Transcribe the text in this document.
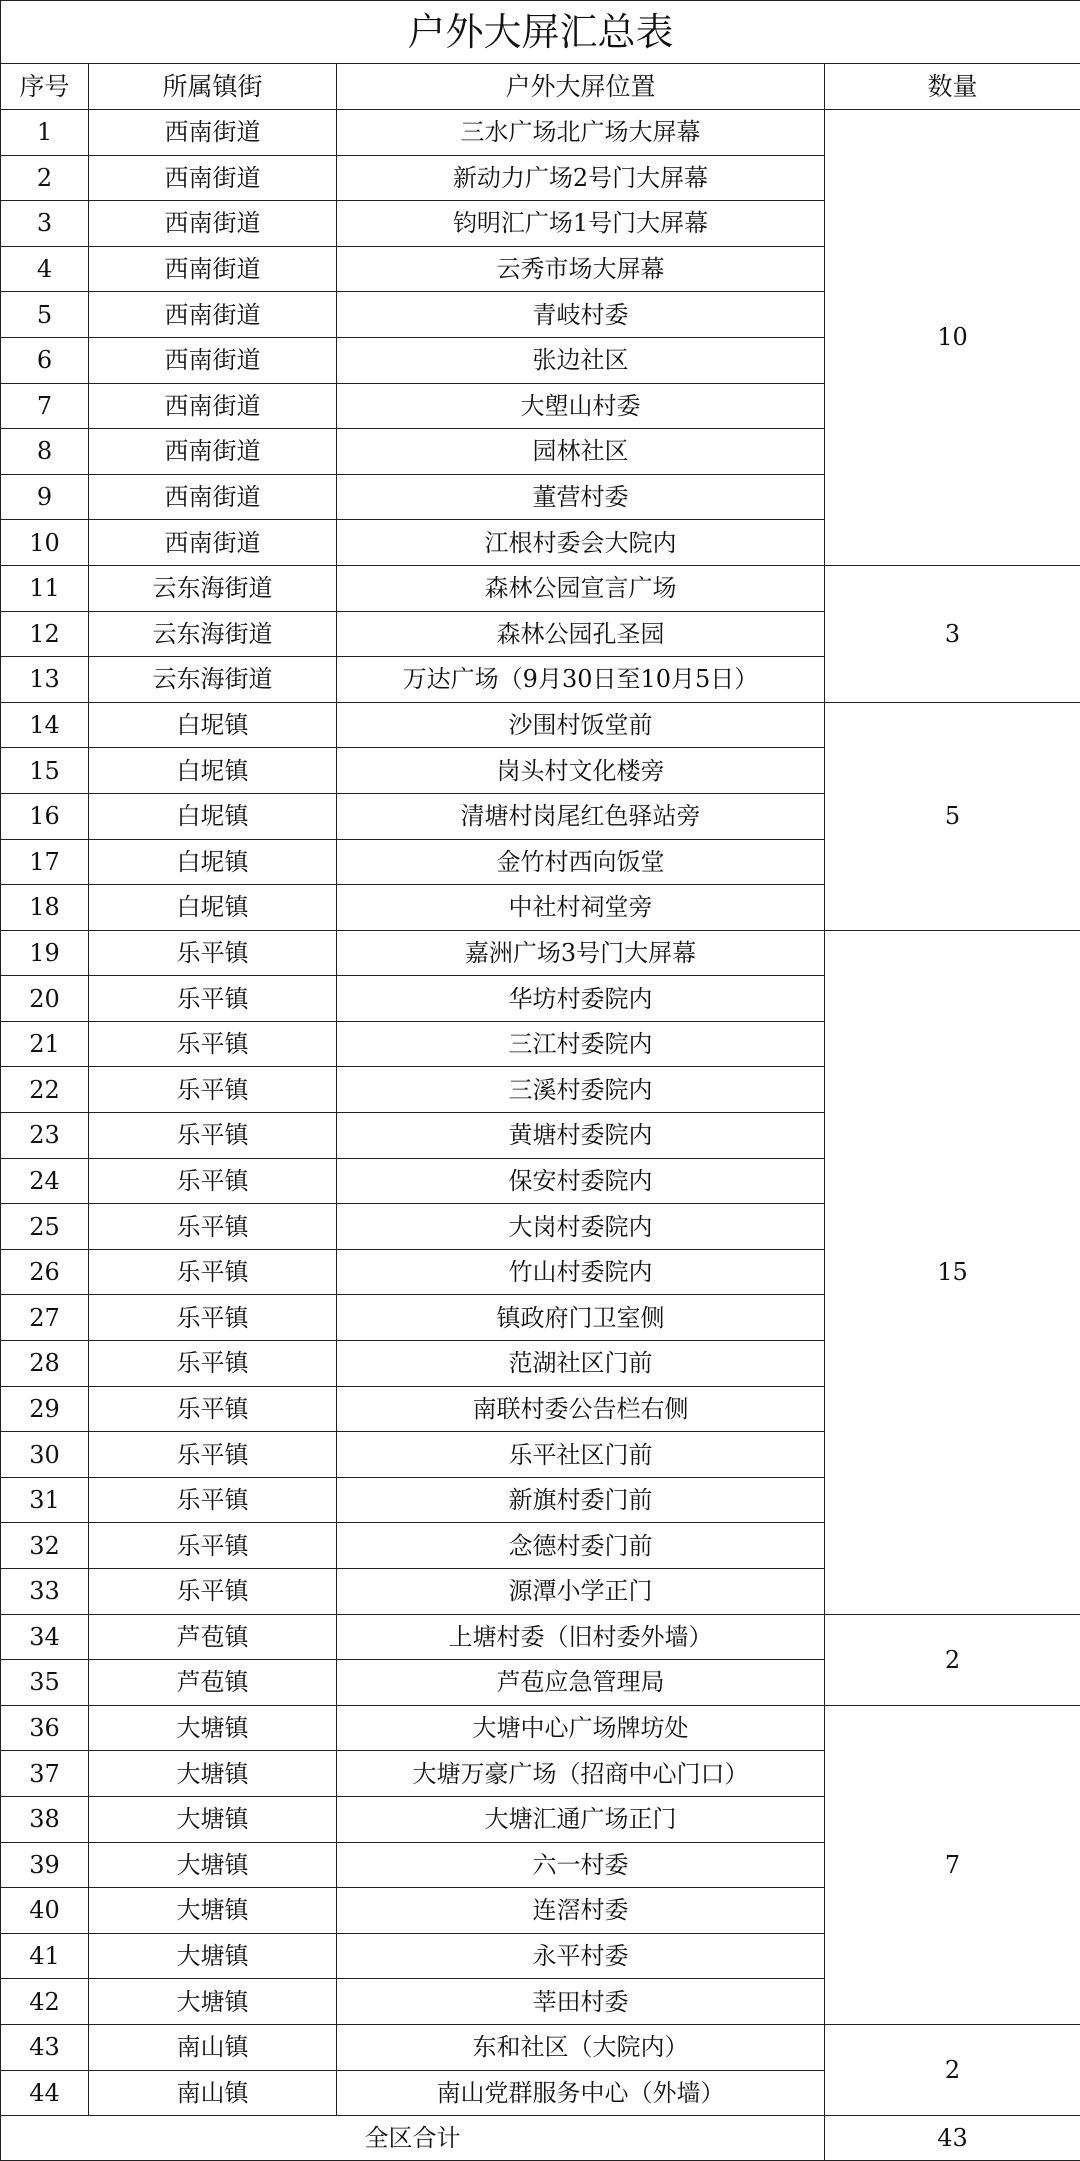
户外大屏汇总表			
序号	所属镇街	户外大屏位置	数量
1	西南街道	三水广场北广场大屏幕	10
2	西南街道	新动力广场2号门大屏幕	
3	西南街道	钧明汇广场1号门大屏幕	
4	西南街道	云秀市场大屏幕	
5	西南街道	青岐村委	
6	西南街道	张边社区	
7	西南街道	大塱山村委	
8	西南街道	园林社区	
9	西南街道	董营村委	
10	西南街道	江根村委会大院内	
11	云东海街道	森林公园宣言广场	3
12	云东海街道	森林公园孔圣园	
13	云东海街道	万达广场（9月30日至10月5日）	
14	白坭镇	沙围村饭堂前	5
15	白坭镇	岗头村文化楼旁	
16	白坭镇	清塘村岗尾红色驿站旁	
17	白坭镇	金竹村西向饭堂	
18	白坭镇	中社村祠堂旁	
19	乐平镇	嘉洲广场3号门大屏幕	15
20	乐平镇	华坊村委院内	
21	乐平镇	三江村委院内	
22	乐平镇	三溪村委院内	
23	乐平镇	黄塘村委院内	
24	乐平镇	保安村委院内	
25	乐平镇	大岗村委院内	
26	乐平镇	竹山村委院内	
27	乐平镇	镇政府门卫室侧	
28	乐平镇	范湖社区门前	
29	乐平镇	南联村委公告栏右侧	
30	乐平镇	乐平社区门前	
31	乐平镇	新旗村委门前	
32	乐平镇	念德村委门前	
33	乐平镇	源潭小学正门	
34	芦苞镇	上塘村委（旧村委外墙）	2
35	芦苞镇	芦苞应急管理局	
36	大塘镇	大塘中心广场牌坊处	7
37	大塘镇	大塘万豪广场（招商中心门口）	
38	大塘镇	大塘汇通广场正门	
39	大塘镇	六一村委	
40	大塘镇	连滘村委	
41	大塘镇	永平村委	
42	大塘镇	莘田村委	
43	南山镇	东和社区（大院内）	2
44	南山镇	南山党群服务中心（外墙）	
全区合计			43
